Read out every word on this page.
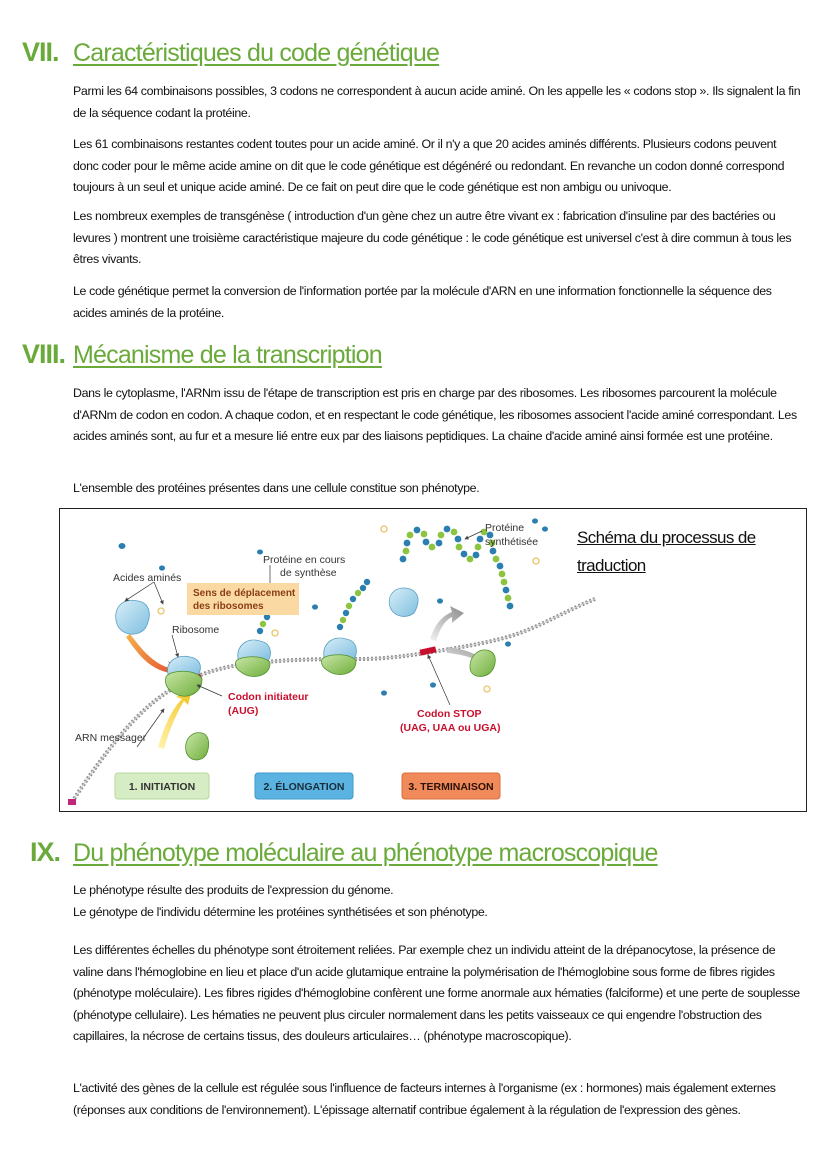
VII. Caractéristiques du code génétique

Parmi les 64 combinaisons possibles, 3 codons ne correspondent à aucun acide aminé. On les appelle les « codons stop ». Ils signalent la fin de la séquence codant la protéine.

Les 61 combinaisons restantes codent toutes pour un acide aminé. Or il n'y a que 20 acides aminés différents. Plusieurs codons peuvent donc coder pour le même acide amine on dit que le code génétique est dégénéré ou redondant. En revanche un codon donné correspond toujours à un seul et unique acide aminé. De ce fait on peut dire que le code génétique est non ambigu ou univoque.

Les nombreux exemples de transgénèse ( introduction d'un gène chez un autre être vivant ex : fabrication d'insuline par des bactéries ou levures ) montrent une troisième caractéristique majeure du code génétique : le code génétique est universel c'est à dire commun à tous les êtres vivants.

Le code génétique permet la conversion de l'information portée par la molécule d'ARN en une information fonctionnelle la séquence des acides aminés de la protéine.

VIII. Mécanisme de la transcription

Dans le cytoplasme, l'ARNm issu de l'étape de transcription est pris en charge par des ribosomes. Les ribosomes parcourent la molécule d'ARNm de codon en codon. A chaque codon, et en respectant le code génétique, les ribosomes associent l'acide aminé correspondant. Les acides aminés sont, au fur et a mesure lié entre eux par des liaisons peptidiques. La chaine d'acide aminé ainsi formée est une protéine.

L'ensemble des protéines présentes dans une cellule constitue son phénotype.

Acides aminés
Sens de déplacement
des ribosomes
Ribosome
Protéine en cours
de synthèse
Protéine
synthétisée
Codon initiateur
(AUG)	Codon STOP
(UAG, UAA ou UGA)
ARN messager
1. INITIATION	2. ÉLONGATION	3. TERMINAISON
Schéma du processus de traduction
IX. Du phénotype moléculaire au phénotype macroscopique

Le phénotype résulte des produits de l'expression du génome.
Le génotype de l'individu détermine les protéines synthétisées et son phénotype.

Les différentes échelles du phénotype sont étroitement reliées. Par exemple chez un individu atteint de la drépanocytose, la présence de valine dans l'hémoglobine en lieu et place d'un acide glutamique entraine la polymérisation de l'hémoglobine sous forme de fibres rigides (phénotype moléculaire). Les fibres rigides d'hémoglobine confèrent une forme anormale aux hématies (falciforme) et une perte de souplesse (phénotype cellulaire). Les hématies ne peuvent plus circuler normalement dans les petits vaisseaux ce qui engendre l'obstruction des capillaires, la nécrose de certains tissus, des douleurs articulaires… (phénotype macroscopique).

L'activité des gènes de la cellule est régulée sous l'influence de facteurs internes à l'organisme (ex : hormones) mais également externes (réponses aux conditions de l'environnement). L'épissage alternatif contribue également à la régulation de l'expression des gènes.
